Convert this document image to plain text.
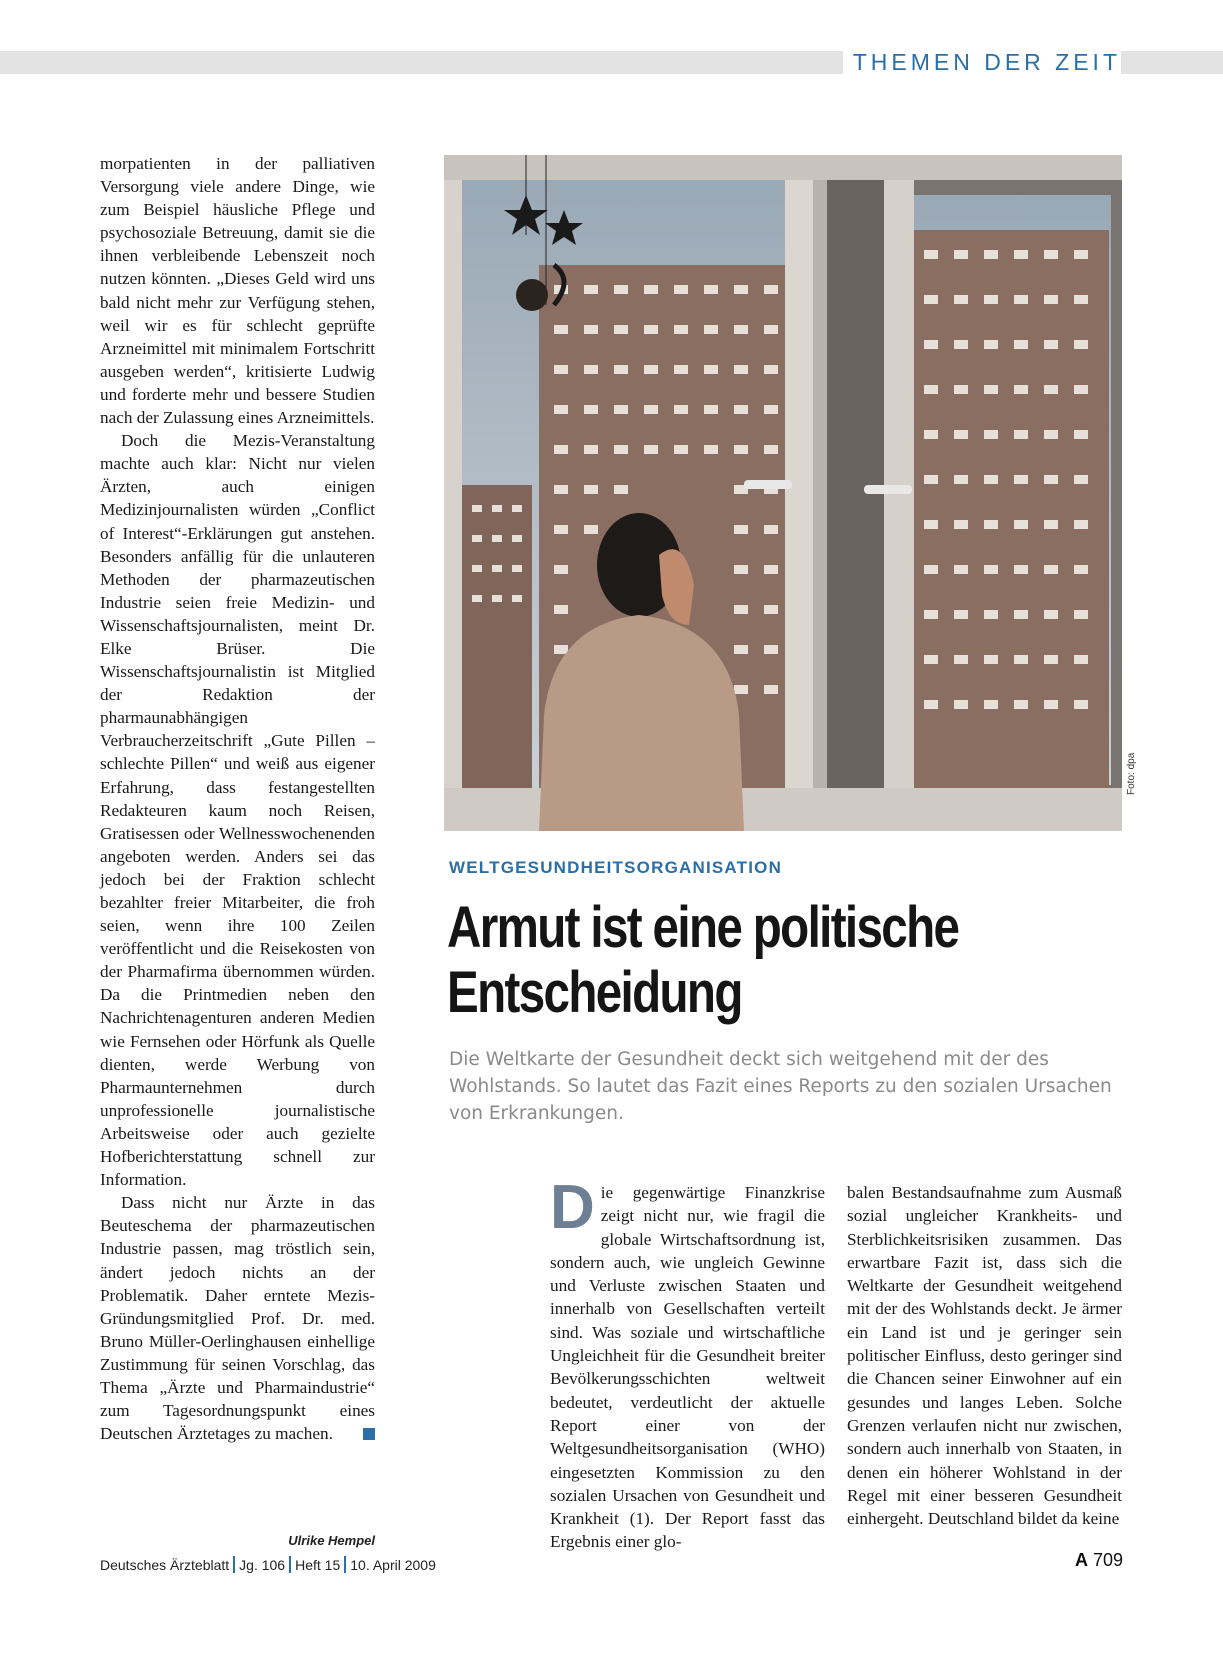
THEMEN DER ZEIT

morpatienten in der palliativen Versorgung viele andere Dinge, wie zum Beispiel häusliche Pflege und psychosoziale Betreuung, damit sie die ihnen verbleibende Lebenszeit noch nutzen könnten. „Dieses Geld wird uns bald nicht mehr zur Verfügung stehen, weil wir es für schlecht geprüfte Arzneimittel mit minimalem Fortschritt ausgeben werden“, kritisierte Ludwig und forderte mehr und bessere Studien nach der Zulassung eines Arzneimittels.

Doch die Mezis-Veranstaltung machte auch klar: Nicht nur vielen Ärzten, auch einigen Medizinjournalisten würden „Conflict of Interest“-Erklärungen gut anstehen. Besonders anfällig für die unlauteren Methoden der pharmazeutischen Industrie seien freie Medizin- und Wissenschaftsjournalisten, meint Dr. Elke Brüser. Die Wissenschaftsjournalistin ist Mitglied der Redaktion der pharmaunabhängigen Verbraucherzeitschrift „Gute Pillen – schlechte Pillen“ und weiß aus eigener Erfahrung, dass festangestellten Redakteuren kaum noch Reisen, Gratisessen oder Wellnesswochenenden angeboten werden. Anders sei das jedoch bei der Fraktion schlecht bezahlter freier Mitarbeiter, die froh seien, wenn ihre 100 Zeilen veröffentlicht und die Reisekosten von der Pharmafirma übernommen würden. Da die Printmedien neben den Nachrichtenagenturen anderen Medien wie Fernsehen oder Hörfunk als Quelle dienten, werde Werbung von Pharmaunternehmen durch unprofessionelle journalistische Arbeitsweise oder auch gezielte Hofberichterstattung schnell zur Information.

Dass nicht nur Ärzte in das Beuteschema der pharmazeutischen Industrie passen, mag tröstlich sein, ändert jedoch nichts an der Problematik. Daher erntete Mezis-Gründungsmitglied Prof. Dr. med. Bruno Müller-Oerlinghausen einhellige Zustimmung für seinen Vorschlag, das Thema „Ärzte und Pharmaindustrie“ zum Tagesordnungspunkt eines Deutschen Ärztetages zu machen.

Ulrike Hempel
Foto: dpa
WELTGESUNDHEITSORGANISATION
Armut ist eine politische
Entscheidung
Die Weltkarte der Gesundheit deckt sich weitgehend mit der des Wohlstands. So lautet das Fazit eines Reports zu den sozialen Ursachen von Erkrankungen.

Die gegenwärtige Finanzkrise zeigt nicht nur, wie fragil die globale Wirtschaftsordnung ist, sondern auch, wie ungleich Gewinne und Verluste zwischen Staaten und innerhalb von Gesellschaften verteilt sind. Was soziale und wirtschaftliche Ungleichheit für die Gesundheit breiter Bevölkerungsschichten weltweit bedeutet, verdeutlicht der aktuelle Report einer von der Weltgesundheitsorganisation (WHO) eingesetzten Kommission zu den sozialen Ursachen von Gesundheit und Krankheit (1). Der Report fasst das Ergebnis einer glo-

balen Bestandsaufnahme zum Ausmaß sozial ungleicher Krankheits- und Sterblichkeitsrisiken zusammen. Das erwartbare Fazit ist, dass sich die Weltkarte der Gesundheit weitgehend mit der des Wohlstands deckt. Je ärmer ein Land ist und je geringer sein politischer Einfluss, desto geringer sind die Chancen seiner Einwohner auf ein gesundes und langes Leben. Solche Grenzen verlaufen nicht nur zwischen, sondern auch innerhalb von Staaten, in denen ein höherer Wohlstand in der Regel mit einer besseren Gesundheit einhergeht. Deutschland bildet da keine

Deutsches Ärzteblatt Jg. 106 Heft 15 10. April 2009	A 709
